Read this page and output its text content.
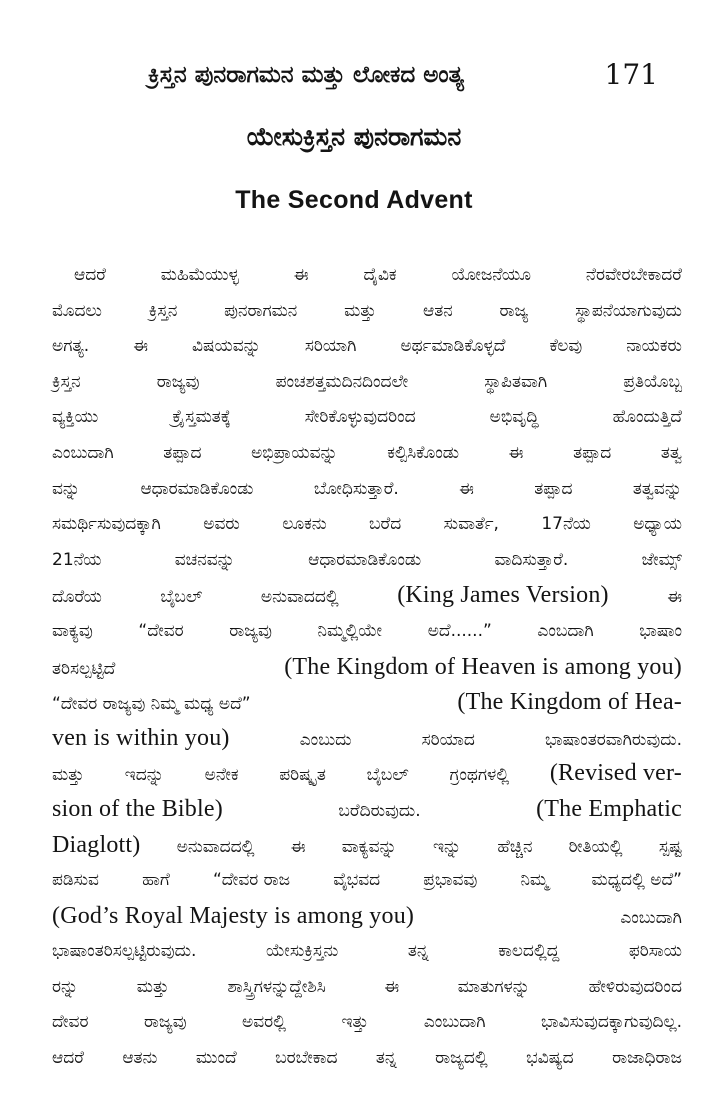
ಕ್ರಿಸ್ತನ ಪುನರಾಗಮನ ಮತ್ತು ಲೋಕದ ಅಂತ್ಯ	171
ಯೇಸುಕ್ರಿಸ್ತನ ಪುನರಾಗಮನ
The Second Advent
ಆದರೆ	ಮಹಿಮೆಯುಳ್ಳ	ಈ	ದೈವಿಕ	ಯೋಜನೆಯೂ	ನೆರವೇರಬೇಕಾದರೆ
ಮೊದಲು	ಕ್ರಿಸ್ತನ	ಪುನರಾಗಮನ	ಮತ್ತು	ಆತನ	ರಾಜ್ಯ	ಸ್ಥಾಪನೆಯಾಗುವುದು
ಅಗತ್ಯ.	ಈ	ವಿಷಯವನ್ನು	ಸರಿಯಾಗಿ	ಅರ್ಥಮಾಡಿಕೊಳ್ಳದೆ	ಕೆಲವು	ನಾಯಕರು
ಕ್ರಿಸ್ತನ	ರಾಜ್ಯವು	ಪಂಚಶತ್ತಮದಿನದಿಂದಲೇ	ಸ್ಥಾಪಿತವಾಗಿ	ಪ್ರತಿಯೊಬ್ಬ
ವ್ಯಕ್ತಿಯು	ಕ್ರೈಸ್ತಮತಕ್ಕೆ	ಸೇರಿಕೊಳ್ಳುವುದರಿಂದ	ಅಭಿವೃದ್ಧಿ	ಹೊಂದುತ್ತಿದೆ
ಎಂಬುದಾಗಿ	ತಪ್ಪಾದ	ಅಭಿಪ್ರಾಯವನ್ನು	ಕಲ್ಪಿಸಿಕೊಂಡು	ಈ	ತಪ್ಪಾದ	ತತ್ವ
ವನ್ನು	ಆಧಾರಮಾಡಿಕೊಂಡು	ಬೋಧಿಸುತ್ತಾರೆ.	ಈ	ತಪ್ಪಾದ	ತತ್ವವನ್ನು
ಸಮರ್ಥಿಸುವುದಕ್ಕಾಗಿ ಅವರು ಲೂಕನು ಬರೆದ ಸುವಾರ್ತೆ, 17ನೆಯ ಅಧ್ಯಾಯ
21ನೆಯ	ವಚನವನ್ನು	ಆಧಾರಮಾಡಿಕೊಂಡು	ವಾದಿಸುತ್ತಾರೆ.	ಜೇಮ್ಸ್
ದೊರೆಯ	ಬೈಬಲ್	ಅನುವಾದದಲ್ಲಿ (King James Version)	ಈ
ವಾಕ್ಯವು	“ದೇವರ	ರಾಜ್ಯವು	ನಿಮ್ಮಲ್ಲಿಯೇ	ಅದೆ......”	ಎಂಬದಾಗಿ	ಭಾಷಾಂ
ತರಿಸಲ್ಪಟ್ಟಿದೆ	(The Kingdom of Heaven is among you)
“ದೇವರ ರಾಜ್ಯವು ನಿಮ್ಮ ಮಧ್ಯ ಅದೆ”	(The Kingdom of Hea-
ven is within you)	ಎಂಬುದು	ಸರಿಯಾದ	ಭಾಷಾಂತರವಾಗಿರುವುದು.
ಮತ್ತು ಇದನ್ನು ಅನೇಕ ಪರಿಷ್ಕೃತ ಬೈಬಲ್ ಗ್ರಂಥಗಳಲ್ಲಿ (Revised ver-
sion of the Bible)	ಬರೆದಿರುವುದು.	(The Emphatic
Diaglott) ಅನುವಾದದಲ್ಲಿ ಈ ವಾಕ್ಯವನ್ನು ಇನ್ನು ಹೆಚ್ಚಿನ ರೀತಿಯಲ್ಲಿ ಸ್ಪಷ್ಟ
ಪಡಿಸುವ	ಹಾಗೆ	“ದೇವರ ರಾಜ	ವೈಭವದ	ಪ್ರಭಾವವು	ನಿಮ್ಮ	ಮಧ್ಯದಲ್ಲಿ ಅದೆ”
(God’s Royal Majesty is among you)	ಎಂಬುದಾಗಿ
ಭಾಷಾಂತರಿಸಲ್ಪಟ್ಟಿರುವುದು.	ಯೇಸುಕ್ರಿಸ್ತನು	ತನ್ನ	ಕಾಲದಲ್ಲಿದ್ದ	ಫರಿಸಾಯ
ರನ್ನು	ಮತ್ತು	ಶಾಸ್ತ್ರಿಗಳನ್ನುದ್ದೇಶಿಸಿ	ಈ	ಮಾತುಗಳನ್ನು	ಹೇಳಿರುವುದರಿಂದ
ದೇವರ	ರಾಜ್ಯವು	ಅವರಲ್ಲಿ	ಇತ್ತು	ಎಂಬುದಾಗಿ	ಭಾವಿಸುವುದಕ್ಕಾಗುವುದಿಲ್ಲ.
ಆದರೆ ಆತನು ಮುಂದೆ ಬರಬೇಕಾದ ತನ್ನ ರಾಜ್ಯದಲ್ಲಿ ಭವಿಷ್ಯದ ರಾಜಾಧಿರಾಜ
